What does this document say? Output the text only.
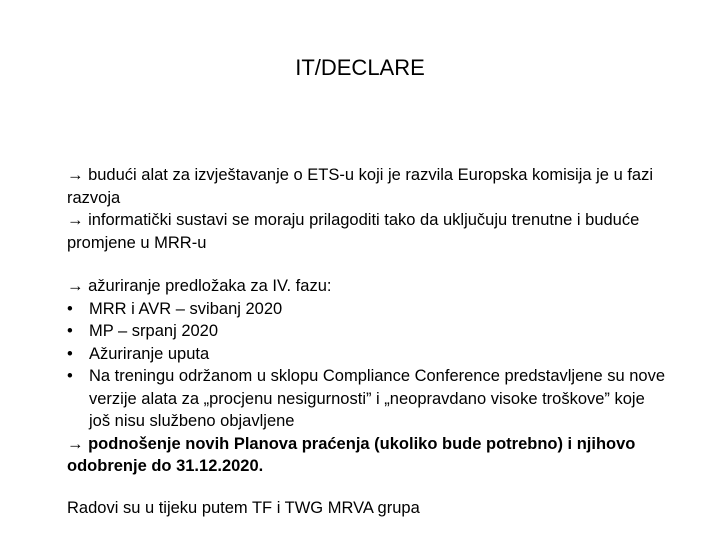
IT/DECLARE

→ budući alat za izvještavanje o ETS-u koji je razvila Europska komisija je u fazi razvoja

→ informatički sustavi se moraju prilagoditi tako da uključuju trenutne i buduće promjene u MRR-u

→ ažuriranje predložaka za IV. fazu:

• MRR i AVR – svibanj 2020
• MP – srpanj 2020
• Ažuriranje uputa
• Na treningu održanom u sklopu Compliance Conference predstavljene su nove verzije alata za „procjenu nesigurnosti” i „neopravdano visoke troškove” koje još nisu službeno objavljene

→ podnošenje novih Planova praćenja (ukoliko bude potrebno) i njihovo odobrenje do 31.12.2020.

Radovi su u tijeku putem TF i TWG MRVA grupa
